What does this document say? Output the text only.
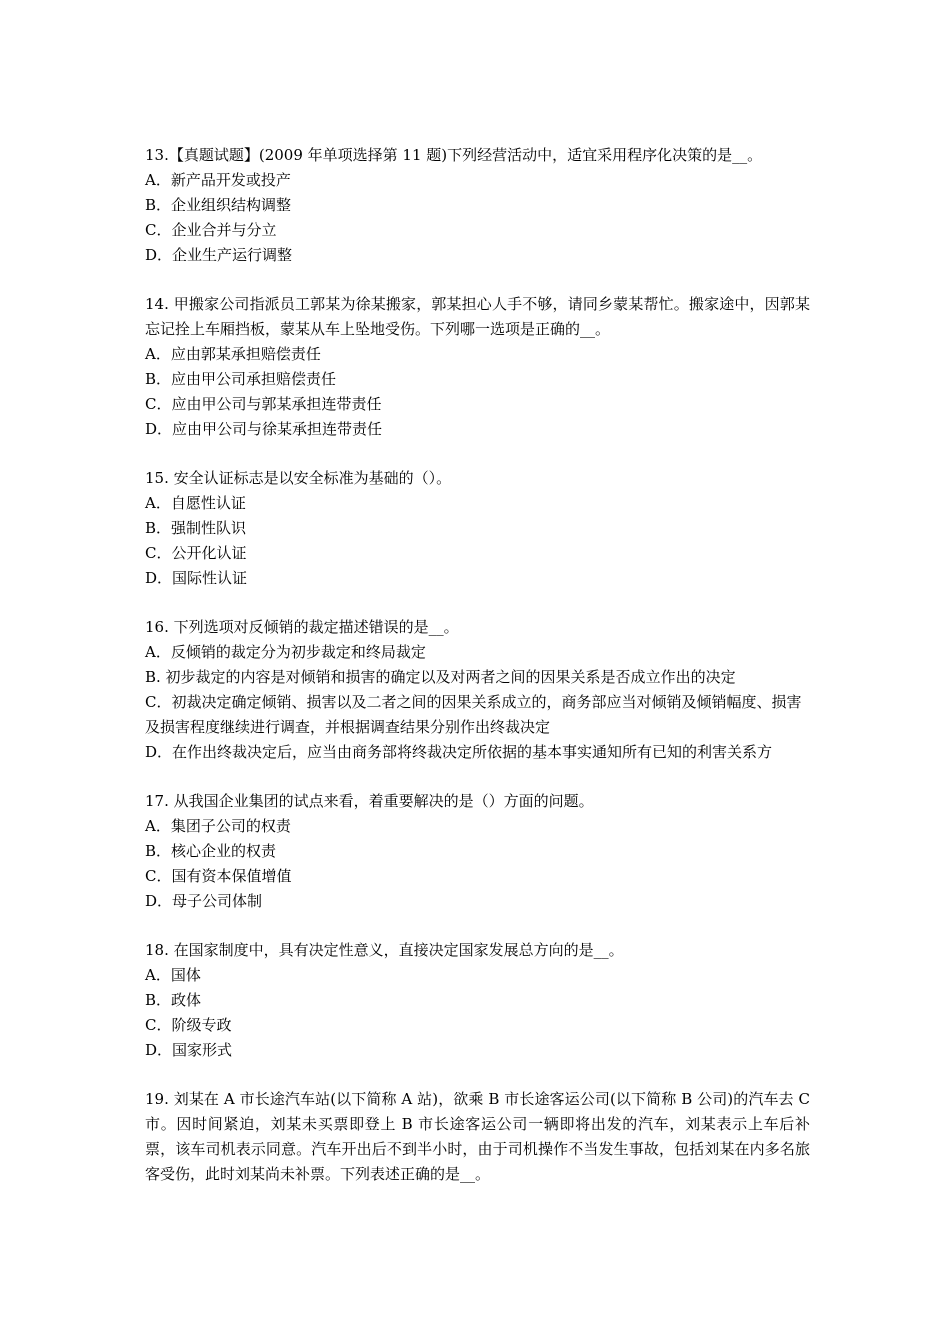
13.【真题试题】(2009 年单项选择第 11 题)下列经营活动中，适宜采用程序化决策的是__。
A．新产品开发或投产
B．企业组织结构调整
C．企业合并与分立
D．企业生产运行调整
14. 甲搬家公司指派员工郭某为徐某搬家，郭某担心人手不够，请同乡蒙某帮忙。搬家途中，因郭某忘记拴上车厢挡板，蒙某从车上坠地受伤。下列哪一选项是正确的__。
A．应由郭某承担赔偿责任
B．应由甲公司承担赔偿责任
C．应由甲公司与郭某承担连带责任
D．应由甲公司与徐某承担连带责任
15. 安全认证标志是以安全标准为基础的（）。
A．自愿性认证
B．强制性队识
C．公开化认证
D．国际性认证
16. 下列选项对反倾销的裁定描述错误的是__。
A．反倾销的裁定分为初步裁定和终局裁定
B. 初步裁定的内容是对倾销和损害的确定以及对两者之间的因果关系是否成立作出的决定
C．初裁决定确定倾销、损害以及二者之间的因果关系成立的，商务部应当对倾销及倾销幅度、损害及损害程度继续进行调查，并根据调查结果分别作出终裁决定
D．在作出终裁决定后，应当由商务部将终裁决定所依据的基本事实通知所有已知的利害关系方
17. 从我国企业集团的试点来看，着重要解决的是（）方面的问题。
A．集团子公司的权责
B．核心企业的权责
C．国有资本保值增值
D．母子公司体制
18. 在国家制度中，具有决定性意义，直接决定国家发展总方向的是__。
A．国体
B．政体
C．阶级专政
D．国家形式
19. 刘某在 A 市长途汽车站(以下简称 A 站)，欲乘 B 市长途客运公司(以下简称 B 公司)的汽车去 C 市。因时间紧迫，刘某未买票即登上 B 市长途客运公司一辆即将出发的汽车，刘某表示上车后补票，该车司机表示同意。汽车开出后不到半小时，由于司机操作不当发生事故，包括刘某在内多名旅客受伤，此时刘某尚未补票。下列表述正确的是__。
